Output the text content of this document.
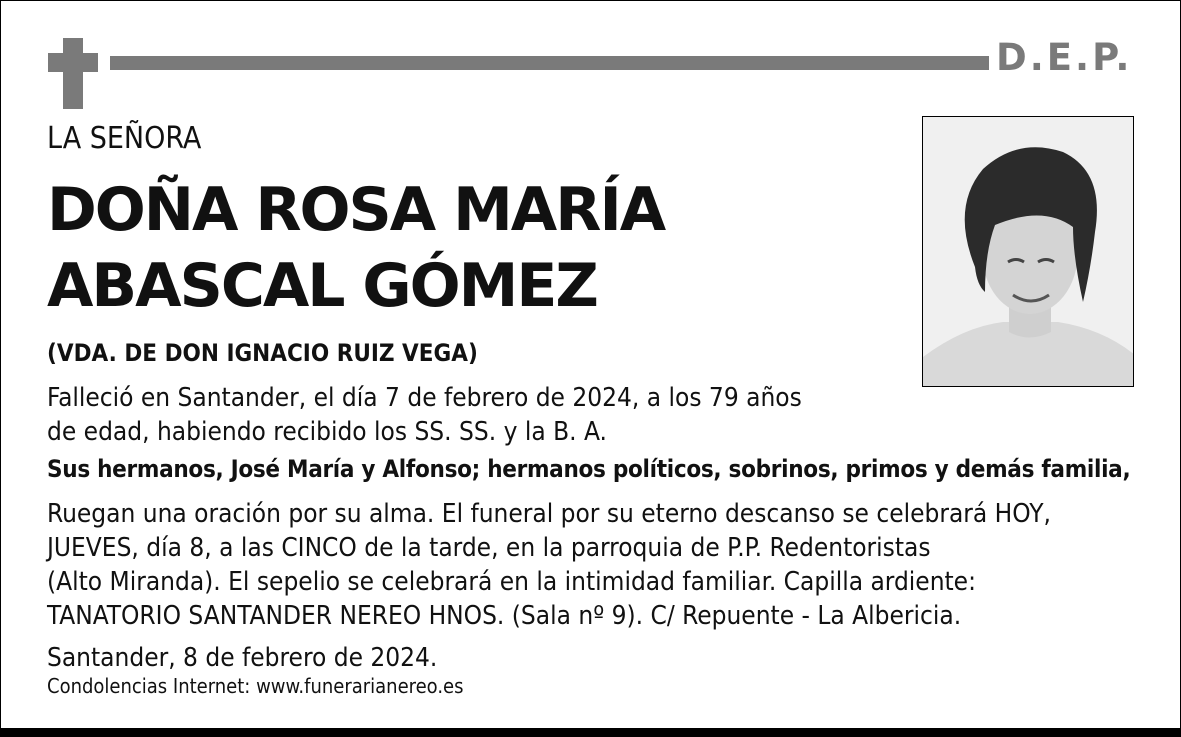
D.E.P.
LA SEÑORA
DOÑA ROSA MARÍA
ABASCAL GÓMEZ
(VDA. DE DON IGNACIO RUIZ VEGA)
Falleció en Santander, el día 7 de febrero de 2024, a los 79 años
de edad, habiendo recibido los SS. SS. y la B. A.
Sus hermanos, José María y Alfonso; hermanos políticos, sobrinos, primos y demás familia,
Ruegan una oración por su alma. El funeral por su eterno descanso se celebrará HOY,
JUEVES, día 8, a las CINCO de la tarde, en la parroquia de P.P. Redentoristas
(Alto Miranda). El sepelio se celebrará en la intimidad familiar. Capilla ardiente:
TANATORIO SANTANDER NEREO HNOS. (Sala nº 9). C/ Repuente - La Albericia.
Santander, 8 de febrero de 2024.
Condolencias Internet: www.funerarianereo.es
